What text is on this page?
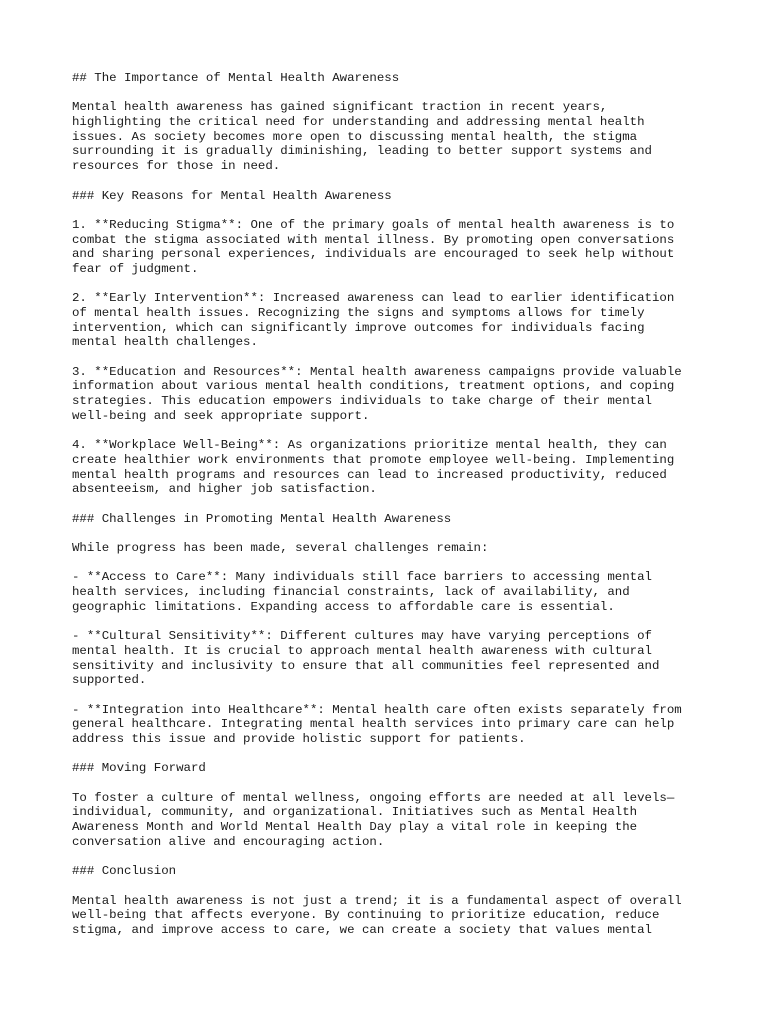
## The Importance of Mental Health Awareness
Mental health awareness has gained significant traction in recent years,
highlighting the critical need for understanding and addressing mental health
issues. As society becomes more open to discussing mental health, the stigma
surrounding it is gradually diminishing, leading to better support systems and
resources for those in need.
### Key Reasons for Mental Health Awareness
1. **Reducing Stigma**: One of the primary goals of mental health awareness is to
combat the stigma associated with mental illness. By promoting open conversations
and sharing personal experiences, individuals are encouraged to seek help without
fear of judgment.
2. **Early Intervention**: Increased awareness can lead to earlier identification
of mental health issues. Recognizing the signs and symptoms allows for timely
intervention, which can significantly improve outcomes for individuals facing
mental health challenges.
3. **Education and Resources**: Mental health awareness campaigns provide valuable
information about various mental health conditions, treatment options, and coping
strategies. This education empowers individuals to take charge of their mental
well-being and seek appropriate support.
4. **Workplace Well-Being**: As organizations prioritize mental health, they can
create healthier work environments that promote employee well-being. Implementing
mental health programs and resources can lead to increased productivity, reduced
absenteeism, and higher job satisfaction.
### Challenges in Promoting Mental Health Awareness
While progress has been made, several challenges remain:
- **Access to Care**: Many individuals still face barriers to accessing mental
health services, including financial constraints, lack of availability, and
geographic limitations. Expanding access to affordable care is essential.
- **Cultural Sensitivity**: Different cultures may have varying perceptions of
mental health. It is crucial to approach mental health awareness with cultural
sensitivity and inclusivity to ensure that all communities feel represented and
supported.
- **Integration into Healthcare**: Mental health care often exists separately from
general healthcare. Integrating mental health services into primary care can help
address this issue and provide holistic support for patients.
### Moving Forward
To foster a culture of mental wellness, ongoing efforts are needed at all levels—
individual, community, and organizational. Initiatives such as Mental Health
Awareness Month and World Mental Health Day play a vital role in keeping the
conversation alive and encouraging action.
### Conclusion
Mental health awareness is not just a trend; it is a fundamental aspect of overall
well-being that affects everyone. By continuing to prioritize education, reduce
stigma, and improve access to care, we can create a society that values mental
